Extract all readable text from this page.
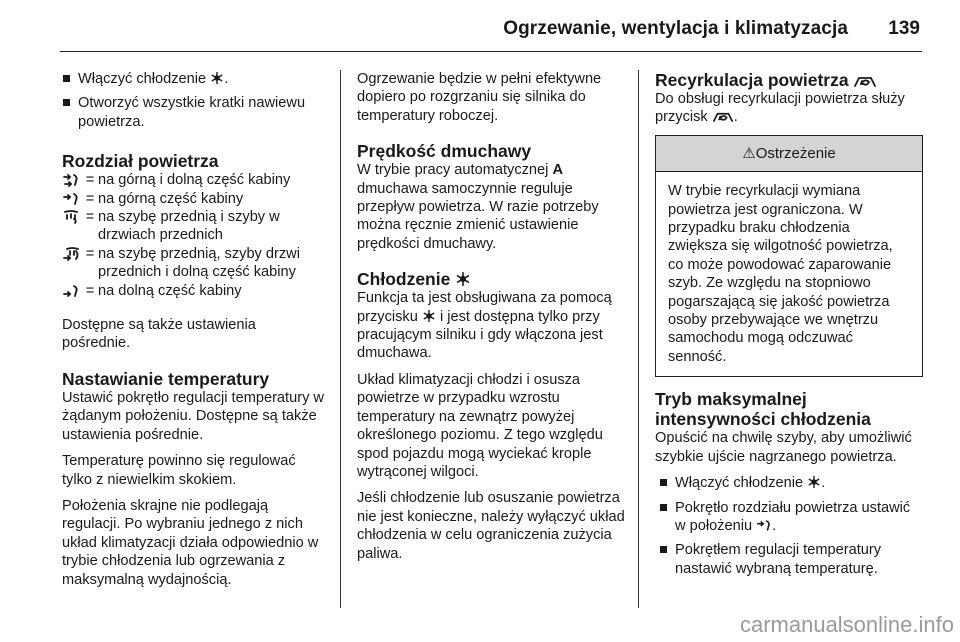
Ogrzewanie, wentylacja i klimatyzacja 139
Włączyć chłodzenie .
Otworzyć wszystkie kratki nawiewu powietrza.
Rozdział powietrza
= na górną i dolną część kabiny
= na górną część kabiny
= na szybę przednią i szyby w drzwiach przednich
= na szybę przednią, szyby drzwi przednich i dolną część kabiny
= na dolną część kabiny

Dostępne są także ustawienia pośrednie.

Nastawianie temperatury

Ustawić pokrętło regulacji temperatury w żądanym położeniu. Dostępne są także ustawienia pośrednie.

Temperaturę powinno się regulować tylko z niewielkim skokiem.

Położenia skrajne nie podlegają regulacji. Po wybraniu jednego z nich układ klimatyzacji działa odpowiednio w trybie chłodzenia lub ogrzewania z maksymalną wydajnością.

Ogrzewanie będzie w pełni efektywne dopiero po rozgrzaniu się silnika do temperatury roboczej.

Prędkość dmuchawy

W trybie pracy automatycznej A dmuchawa samoczynnie reguluje przepływ powietrza. W razie potrzeby można ręcznie zmienić ustawienie prędkości dmuchawy.

Chłodzenie

Funkcja ta jest obsługiwana za pomocą przycisku i jest dostępna tylko przy pracującym silniku i gdy włączona jest dmuchawa.

Układ klimatyzacji chłodzi i osusza powietrze w przypadku wzrostu temperatury na zewnątrz powyżej określonego poziomu. Z tego względu spod pojazdu mogą wyciekać krople wytrąconej wilgoci.

Jeśli chłodzenie lub osuszanie powietrza nie jest konieczne, należy wyłączyć układ chłodzenia w celu ograniczenia zużycia paliwa.

Recyrkulacja powietrza

Do obsługi recyrkulacji powietrza służy przycisk .

⚠Ostrzeżenie
W trybie recyrkulacji wymiana powietrza jest ograniczona. W przypadku braku chłodzenia zwiększa się wilgotność powietrza, co może powodować zaparowanie szyb. Ze względu na stopniowo pogarszającą się jakość powietrza osoby przebywające we wnętrzu samochodu mogą odczuwać senność.
Tryb maksymalnej intensywności chłodzenia

Opuścić na chwilę szyby, aby umożliwić szybkie ujście nagrzanego powietrza.

Włączyć chłodzenie .
Pokrętło rozdziału powietrza ustawić w położeniu .
Pokrętłem regulacji temperatury nastawić wybraną temperaturę.
carmanualsonline.info
